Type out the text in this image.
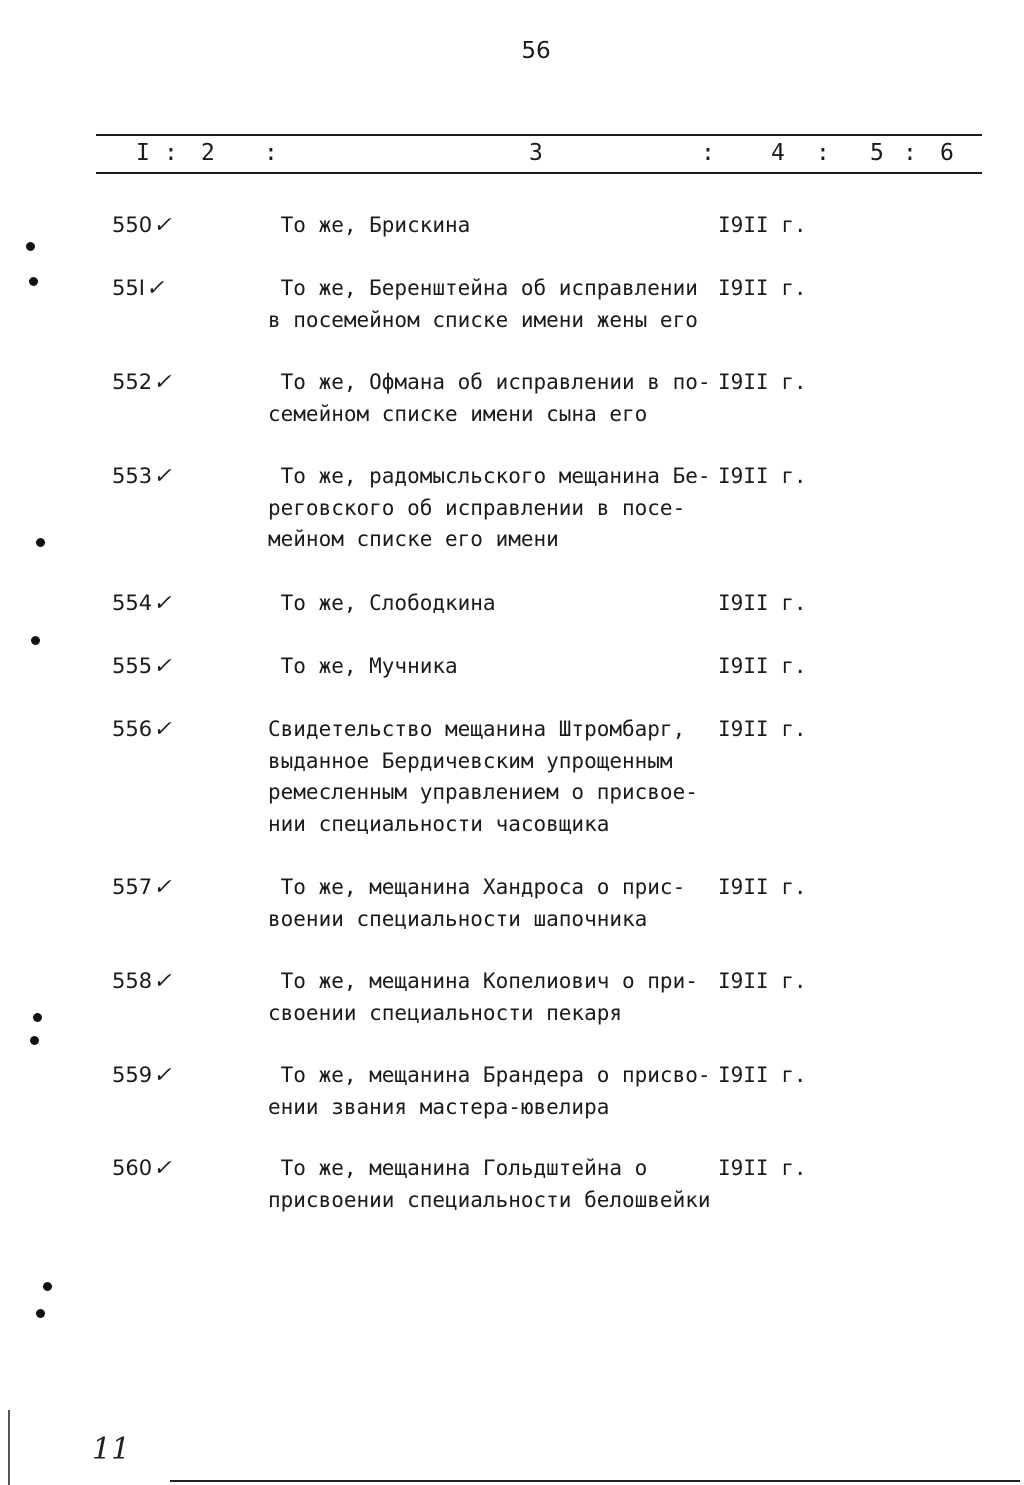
56
I : 2 :	3	: 4 : 5 : 6
550✓	То же, Брискина	I9II г.
55I✓	То же, Беренштейна об исправлении
в посемейном списке имени жены его
I9II г.
552✓	То же, Офмана об исправлении в по-
семейном списке имени сына его
I9II г.
553✓	То же, радомысльского мещанина Бе-
реговского об исправлении в посе-
мейном списке его имени
I9II г.
554✓	То же, Слободкина	I9II г.
555✓	То же, Мучника	I9II г.
556✓	Свидетельство мещанина Штромбарг,
выданное Бердичевским упрощенным
ремесленным управлением о присвое-
нии специальности часовщика
I9II г.
557✓	То же, мещанина Хандроса о прис-
воении специальности шапочника
I9II г.
558✓	То же, мещанина Копелиович о при-
своении специальности пекаря
I9II г.
559✓	То же, мещанина Брандера о присво-
ении звания мастера-ювелира
I9II г.
560✓	То же, мещанина Гольдштейна о
присвоении специальности белошвейки
I9II г.
11
